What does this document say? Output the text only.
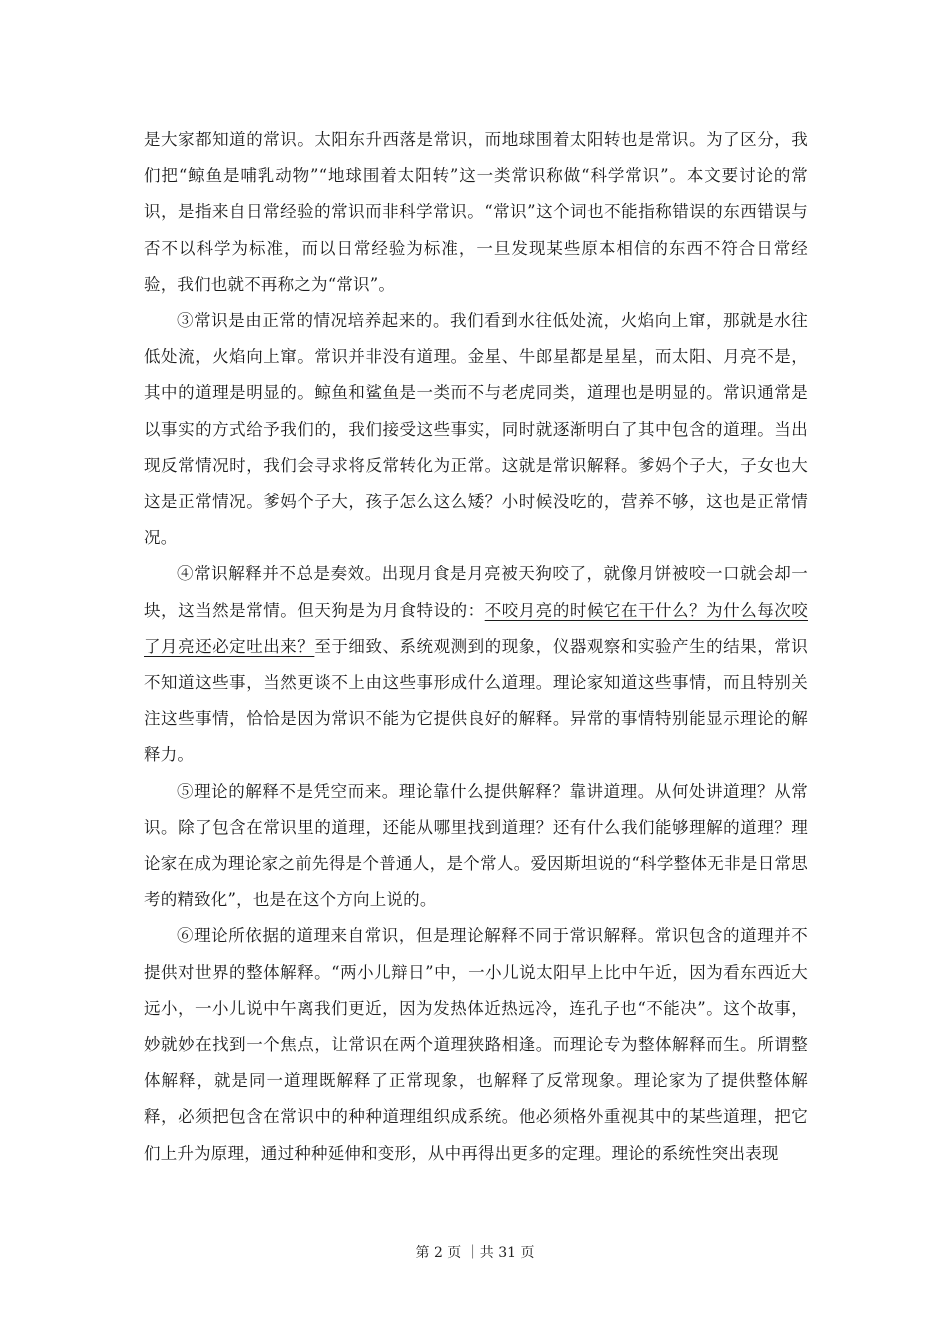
是大家都知道的常识。太阳东升西落是常识，而地球围着太阳转也是常识。为了区分，我们把“鲸鱼是哺乳动物”“地球围着太阳转”这一类常识称做“科学常识”。本文要讨论的常识，是指来自日常经验的常识而非科学常识。“常识”这个词也不能指称错误的东西错误与否不以科学为标准，而以日常经验为标准，一旦发现某些原本相信的东西不符合日常经验，我们也就不再称之为“常识”。

③常识是由正常的情况培养起来的。我们看到水往低处流，火焰向上窜，那就是水往低处流，火焰向上窜。常识并非没有道理。金星、牛郎星都是星星，而太阳、月亮不是，其中的道理是明显的。鲸鱼和鲨鱼是一类而不与老虎同类，道理也是明显的。常识通常是以事实的方式给予我们的，我们接受这些事实，同时就逐渐明白了其中包含的道理。当出现反常情况时，我们会寻求将反常转化为正常。这就是常识解释。爹妈个子大，子女也大这是正常情况。爹妈个子大，孩子怎么这么矮？小时候没吃的，营养不够，这也是正常情况。

④常识解释并不总是奏效。出现月食是月亮被天狗咬了，就像月饼被咬一口就会却一块，这当然是常情。但天狗是为月食特设的：不咬月亮的时候它在干什么？为什么每次咬了月亮还必定吐出来？至于细致、系统观测到的现象，仪器观察和实验产生的结果，常识不知道这些事，当然更谈不上由这些事形成什么道理。理论家知道这些事情，而且特别关注这些事情，恰恰是因为常识不能为它提供良好的解释。异常的事情特别能显示理论的解释力。

⑤理论的解释不是凭空而来。理论靠什么提供解释？靠讲道理。从何处讲道理？从常识。除了包含在常识里的道理，还能从哪里找到道理？还有什么我们能够理解的道理？理论家在成为理论家之前先得是个普通人，是个常人。爱因斯坦说的“科学整体无非是日常思考的精致化”，也是在这个方向上说的。

⑥理论所依据的道理来自常识，但是理论解释不同于常识解释。常识包含的道理并不提供对世界的整体解释。“两小儿辩日”中，一小儿说太阳早上比中午近，因为看东西近大远小，一小儿说中午离我们更近，因为发热体近热远冷，连孔子也“不能决”。这个故事，妙就妙在找到一个焦点，让常识在两个道理狭路相逢。而理论专为整体解释而生。所谓整体解释，就是同一道理既解释了正常现象，也解释了反常现象。理论家为了提供整体解释，必须把包含在常识中的种种道理组织成系统。他必须格外重视其中的某些道理，把它们上升为原理，通过种种延伸和变形，从中再得出更多的定理。理论的系统性突出表现

第 2 页 ｜共 31 页
